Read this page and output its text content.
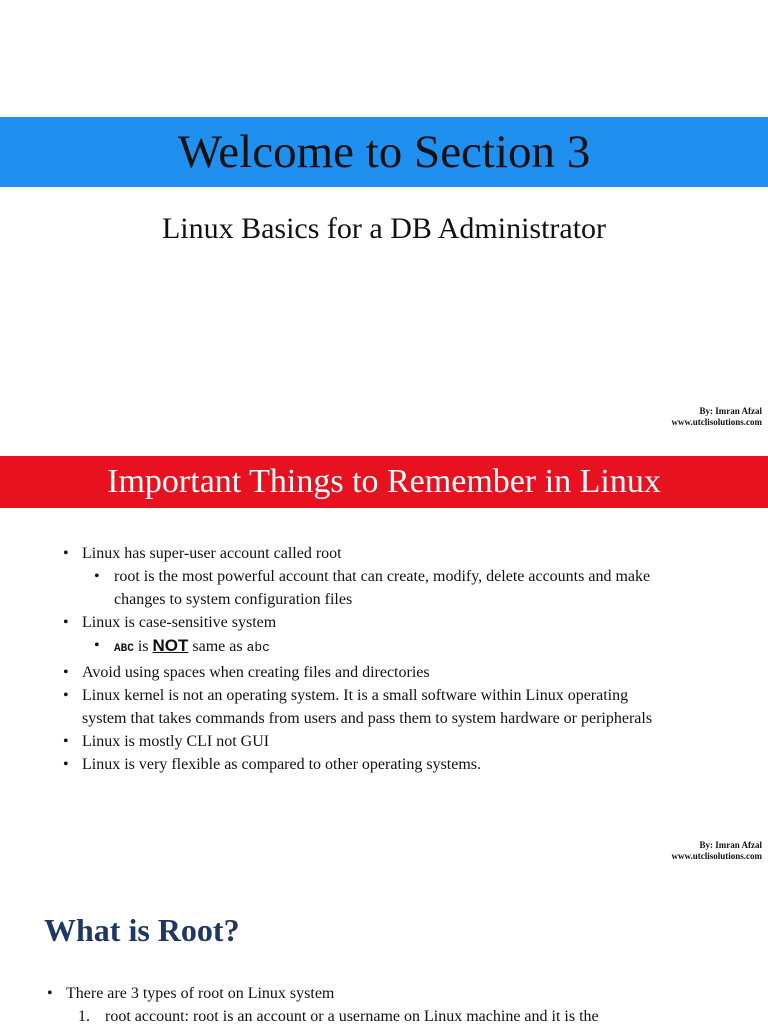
Welcome to Section 3
Linux Basics for a DB Administrator
By: Imran Afzal
www.utclisolutions.com
Important Things to Remember in Linux
• Linux has super-user account called root
• root is the most powerful account that can create, modify, delete accounts and make changes to system configuration files
• Linux is case-sensitive system
• ABC is NOT same as abc
• Avoid using spaces when creating files and directories
• Linux kernel is not an operating system. It is a small software within Linux operating system that takes commands from users and pass them to system hardware or peripherals
• Linux is mostly CLI not GUI
• Linux is very flexible as compared to other operating systems.
By: Imran Afzal
www.utclisolutions.com
What is Root?
• There are 3 types of root on Linux system
1. root account: root is an account or a username on Linux machine and it is the
